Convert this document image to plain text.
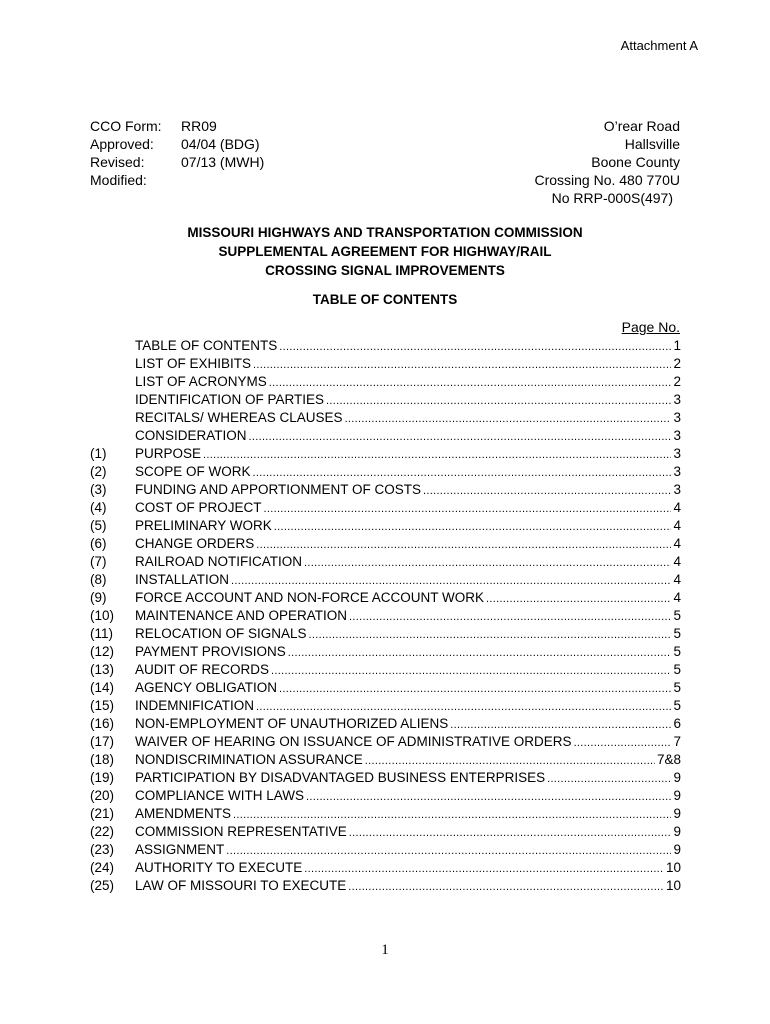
Attachment A
CCO Form:	RR09
Approved:	04/04 (BDG)
Revised:	07/13 (MWH)
Modified:
O’rear Road
Hallsville
Boone County
Crossing No. 480 770U
No RRP-000S(497)
MISSOURI HIGHWAYS AND TRANSPORTATION COMMISSION
SUPPLEMENTAL AGREEMENT FOR HIGHWAY/RAIL
CROSSING SIGNAL IMPROVEMENTS
TABLE OF CONTENTS
Page No.
TABLE OF CONTENTS .....	1
LIST OF EXHIBITS .....	2
LIST OF ACRONYMS .....	2
IDENTIFICATION OF PARTIES .....	3
RECITALS/ WHEREAS CLAUSES .....	3
CONSIDERATION .....	3
(1)	PURPOSE .....	3
(2)	SCOPE OF WORK .....	3
(3)	FUNDING AND APPORTIONMENT OF COSTS .....	3
(4)	COST OF PROJECT .....	4
(5)	PRELIMINARY WORK .....	4
(6)	CHANGE ORDERS .....	4
(7)	RAILROAD NOTIFICATION .....	4
(8)	INSTALLATION .....	4
(9)	FORCE ACCOUNT AND NON-FORCE ACCOUNT WORK .....	4
(10)	MAINTENANCE AND OPERATION .....	5
(11)	RELOCATION OF SIGNALS .....	5
(12)	PAYMENT PROVISIONS .....	5
(13)	AUDIT OF RECORDS .....	5
(14)	AGENCY OBLIGATION .....	5
(15)	INDEMNIFICATION .....	5
(16)	NON-EMPLOYMENT OF UNAUTHORIZED ALIENS .....	6
(17)	WAIVER OF HEARING ON ISSUANCE OF ADMINISTRATIVE ORDERS .....	7
(18)	NONDISCRIMINATION ASSURANCE .....	7&8
(19)	PARTICIPATION BY DISADVANTAGED BUSINESS ENTERPRISES .....	9
(20)	COMPLIANCE WITH LAWS .....	9
(21)	AMENDMENTS .....	9
(22)	COMMISSION REPRESENTATIVE .....	9
(23)	ASSIGNMENT .....	9
(24)	AUTHORITY TO EXECUTE .....	10
(25)	LAW OF MISSOURI TO EXECUTE .....	10
1
